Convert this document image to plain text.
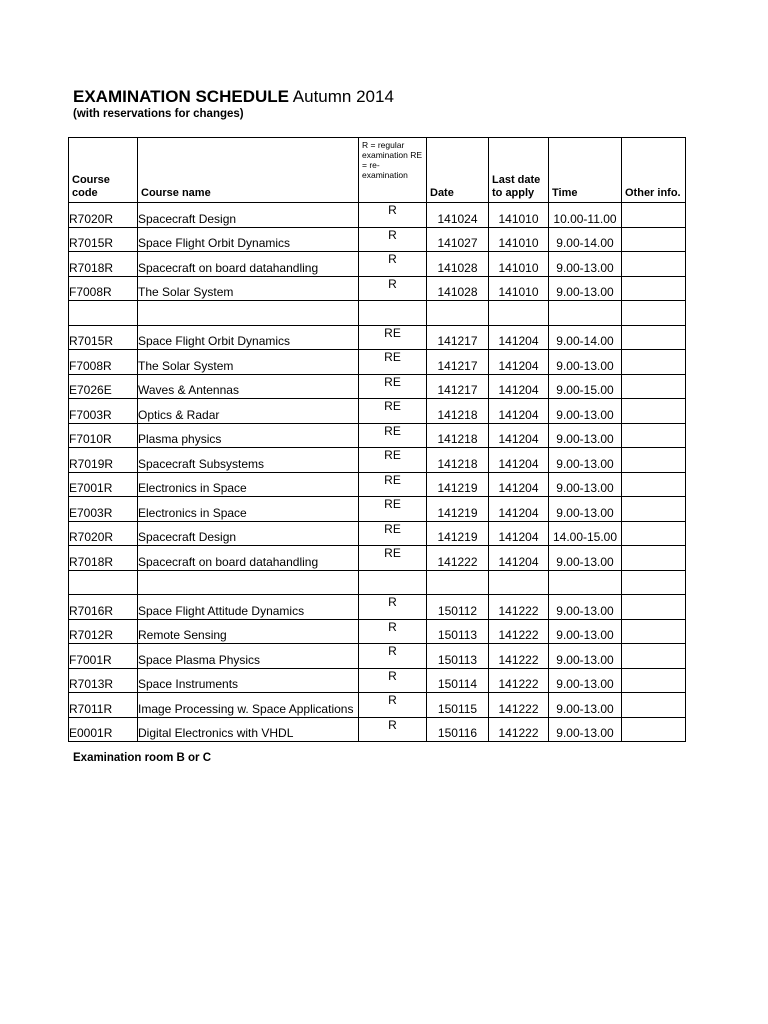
EXAMINATION SCHEDULE Autumn 2014
(with reservations for changes)
Course code	Course name	R = regular examination RE = re-examination	Date	Last date to apply	Time	Other info.
R7020R	Spacecraft Design	R	141024	141010	10.00-11.00	
R7015R	Space Flight Orbit Dynamics	R	141027	141010	9.00-14.00	
R7018R	Spacecraft on board datahandling	R	141028	141010	9.00-13.00	
F7008R	The Solar System	R	141028	141010	9.00-13.00	

R7015R	Space Flight Orbit Dynamics	RE	141217	141204	9.00-14.00	
F7008R	The Solar System	RE	141217	141204	9.00-13.00	
E7026E	Waves & Antennas	RE	141217	141204	9.00-15.00	
F7003R	Optics & Radar	RE	141218	141204	9.00-13.00	
F7010R	Plasma physics	RE	141218	141204	9.00-13.00	
R7019R	Spacecraft Subsystems	RE	141218	141204	9.00-13.00	
E7001R	Electronics in Space	RE	141219	141204	9.00-13.00	
E7003R	Electronics in Space	RE	141219	141204	9.00-13.00	
R7020R	Spacecraft Design	RE	141219	141204	14.00-15.00	
R7018R	Spacecraft on board datahandling	RE	141222	141204	9.00-13.00	

R7016R	Space Flight Attitude Dynamics	R	150112	141222	9.00-13.00	
R7012R	Remote Sensing	R	150113	141222	9.00-13.00	
F7001R	Space Plasma Physics	R	150113	141222	9.00-13.00	
R7013R	Space Instruments	R	150114	141222	9.00-13.00	
R7011R	Image Processing w. Space Applications	R	150115	141222	9.00-13.00	
E0001R	Digital Electronics with VHDL	R	150116	141222	9.00-13.00	
Examination room B or C
